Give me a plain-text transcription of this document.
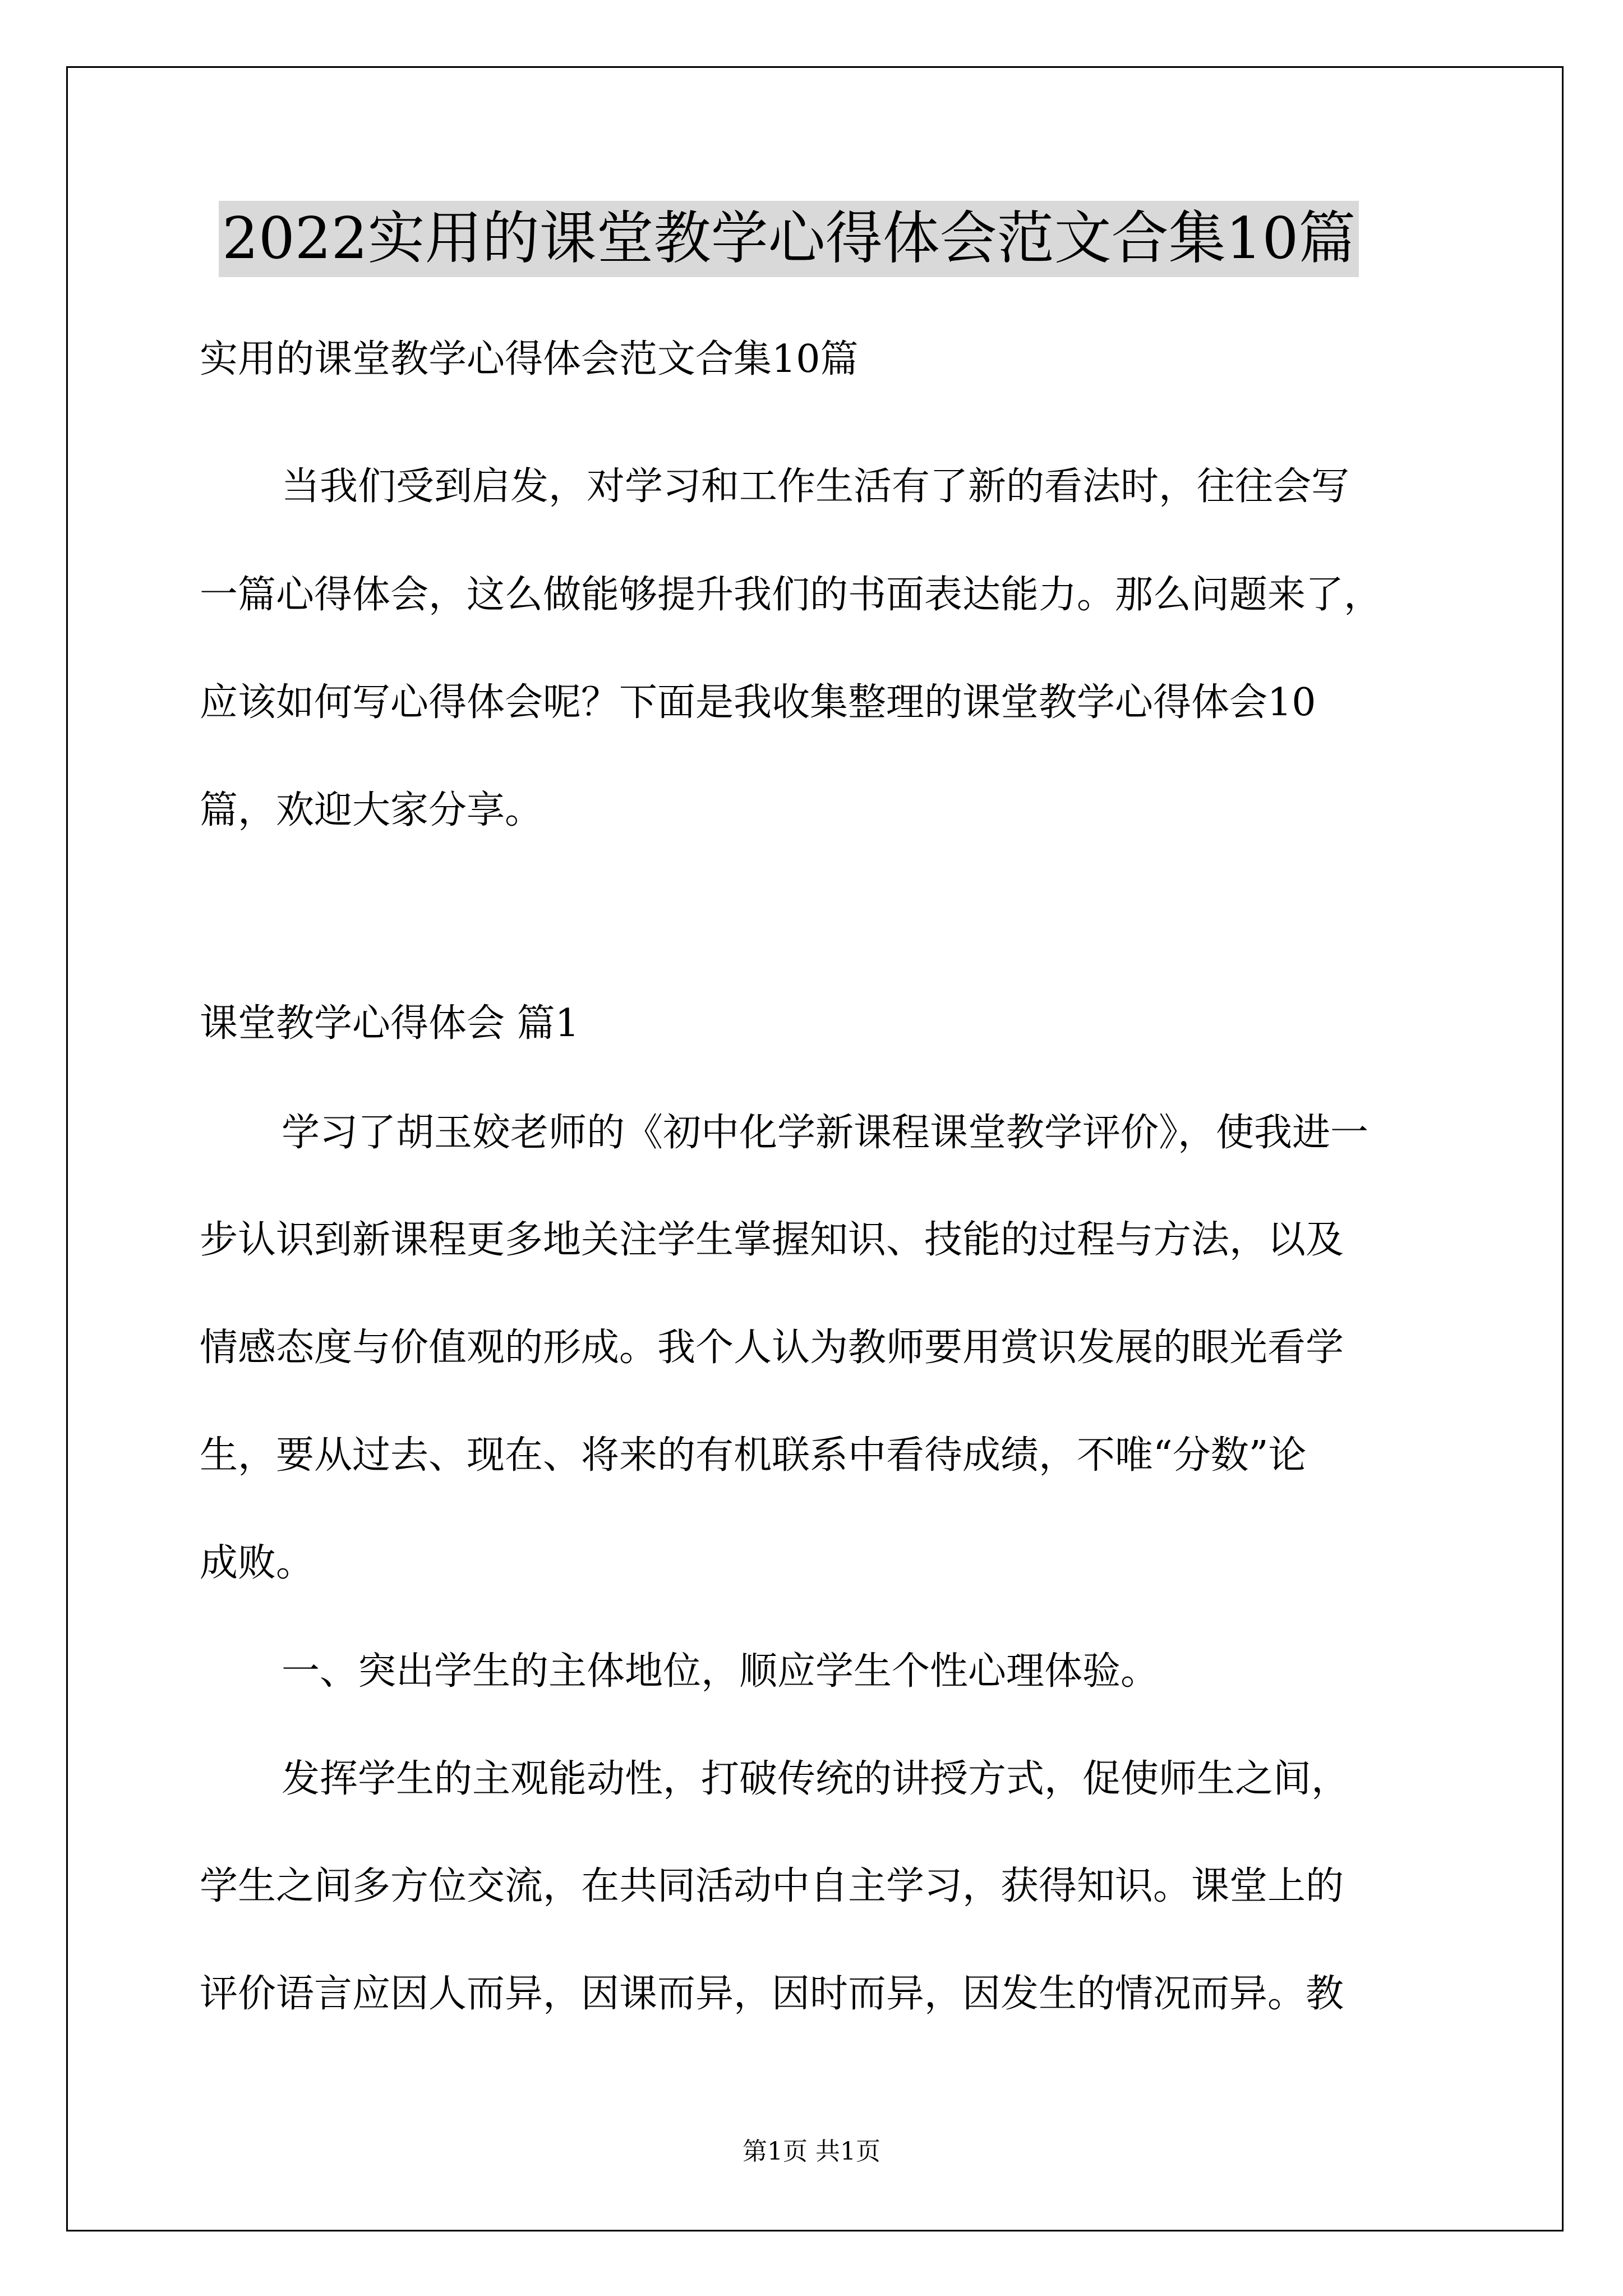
2022实用的课堂教学心得体会范文合集10篇
实用的课堂教学心得体会范文合集10篇
当我们受到启发，对学习和工作生活有了新的看法时，往往会写
一篇心得体会，这么做能够提升我们的书面表达能力。那么问题来了，
应该如何写心得体会呢？下面是我收集整理的课堂教学心得体会10
篇，欢迎大家分享。
课堂教学心得体会 篇1
学习了胡玉姣老师的《初中化学新课程课堂教学评价》，使我进一
步认识到新课程更多地关注学生掌握知识、技能的过程与方法，以及
情感态度与价值观的形成。我个人认为教师要用赏识发展的眼光看学
生，要从过去、现在、将来的有机联系中看待成绩，不唯“分数”论
成败。
一、突出学生的主体地位，顺应学生个性心理体验。
发挥学生的主观能动性，打破传统的讲授方式，促使师生之间，
学生之间多方位交流，在共同活动中自主学习，获得知识。课堂上的
评价语言应因人而异，因课而异，因时而异，因发生的情况而异。教
第1页 共1页
